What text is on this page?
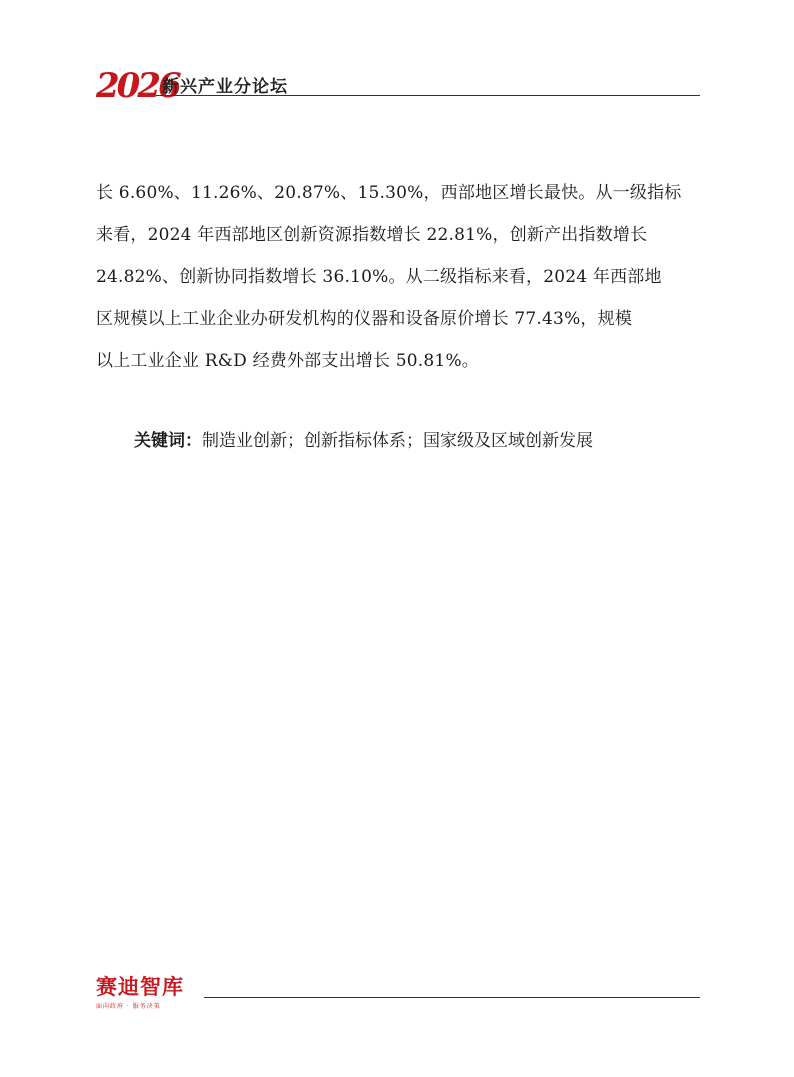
2026
新兴产业分论坛
长 6.60%、11.26%、20.87%、15.30%，西部地区增长最快。从一级指标
来看，2024 年西部地区创新资源指数增长 22.81%，创新产出指数增长
24.82%、创新协同指数增长 36.10%。从二级指标来看，2024 年西部地
区规模以上工业企业办研发机构的仪器和设备原价增长 77.43%，规模
以上工业企业 R&D 经费外部支出增长 50.81%。
关键词：制造业创新；创新指标体系；国家级及区域创新发展
赛迪智库
面向政府 · 服务决策
